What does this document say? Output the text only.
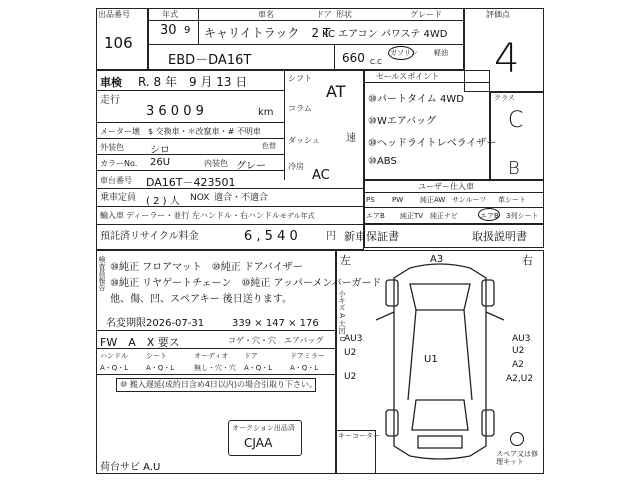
出品番号
106
年式	車名	ドア 形状	グレード
30 9 キャリイトラック　2 T
KC エアコン パワステ 4WD
EBD－DA16T	660 C.C
ガソリン 軽油
評価点
4
車検 R. 8 年　9 月 13 日
走行
3 6 0 0 9	km
メーター壊 $ 交換車・＊改竄車・# 不明車
外装色	シロ	色替
カラーNo. 26U	内装色 グレー
車台番号 DA16T－423501
乗車定員 ( 2 ) 人 NOX 適合・不適合
輸入車 ディーラー・並行 左ハンドル・右ハンドル モデル年式
預託済リサイクル料金	6 , 5 4 0	円
シフト
AT
コラム
ダッシュ	速
冷房
AC
セールスポイント
⑩パートタイム 4WD
⑩Wエアバッグ
⑩ヘッドライトレベライザー
⑩ABS
クラス
C
B
ユーザー仕入車
PS PW 純正AW サンルーフ 革シート
エアB 純正TV 純正ナビ	エアB 3列シート
新車保証書	取扱説明書
検査員報告 ⑩純正 フロアマット　⑩純正 ドアバイザー
⑩純正 リヤゲートチェーン　⑩純正 アッパーメンバーガード
他、傷、凹、スペアキー 後日送ります。
名変期限2026-07-31	339 × 147 × 176
FW　A　X 要ス	コゲ・穴・穴　エアバッグ
ハンドル	シート	オーディオ ドア	ドアミラー
A・Q・L	A・Q・L	無し・穴・穴 A・Q・L	A・Q・L
⑩ 搬入遅延(成約日含め4日以内)の場合引取り下さい。
オークション出品済
CJAA
荷台サビ A.U
A3
左	右
小キズ A 大凹 U
U1
AU3
U2
A2
A2,U2
AU3
U2
U2
キーコーター
スペア又は修理キット
